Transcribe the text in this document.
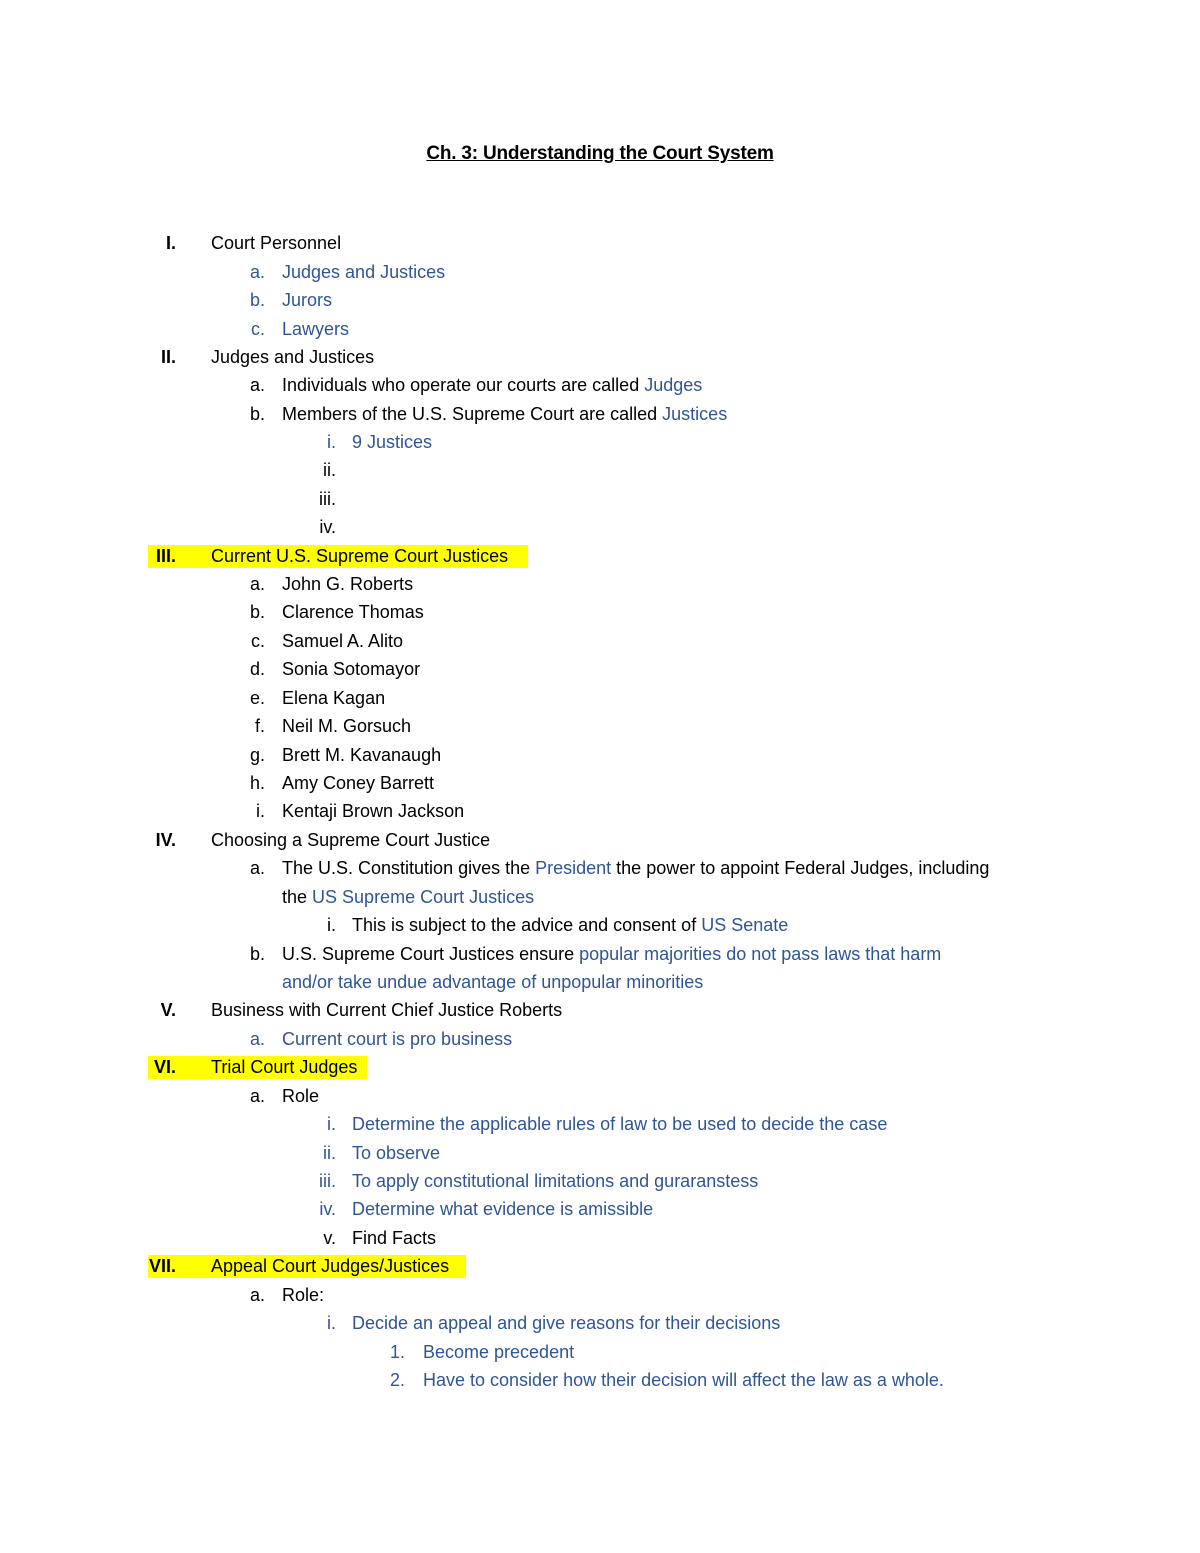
Ch. 3: Understanding the Court System
I. Court Personnel
a. Judges and Justices
b. Jurors
c. Lawyers
II. Judges and Justices
a. Individuals who operate our courts are called Judges
b. Members of the U.S. Supreme Court are called Justices
i. 9 Justices
ii.
iii.
iv.
III. Current U.S. Supreme Court Justices
a. John G. Roberts
b. Clarence Thomas
c. Samuel A. Alito
d. Sonia Sotomayor
e. Elena Kagan
f. Neil M. Gorsuch
g. Brett M. Kavanaugh
h. Amy Coney Barrett
i. Kentaji Brown Jackson
IV. Choosing a Supreme Court Justice
a. The U.S. Constitution gives the President the power to appoint Federal Judges, including
the US Supreme Court Justices
i. This is subject to the advice and consent of US Senate
b. U.S. Supreme Court Justices ensure popular majorities do not pass laws that harm
and/or take undue advantage of unpopular minorities
V. Business with Current Chief Justice Roberts
a. Current court is pro business
VI. Trial Court Judges
a. Role
i. Determine the applicable rules of law to be used to decide the case
ii. To observe
iii. To apply constitutional limitations and guraranstess
iv. Determine what evidence is amissible
v. Find Facts
VII. Appeal Court Judges/Justices
a. Role:
i. Decide an appeal and give reasons for their decisions
1. Become precedent
2. Have to consider how their decision will affect the law as a whole.
